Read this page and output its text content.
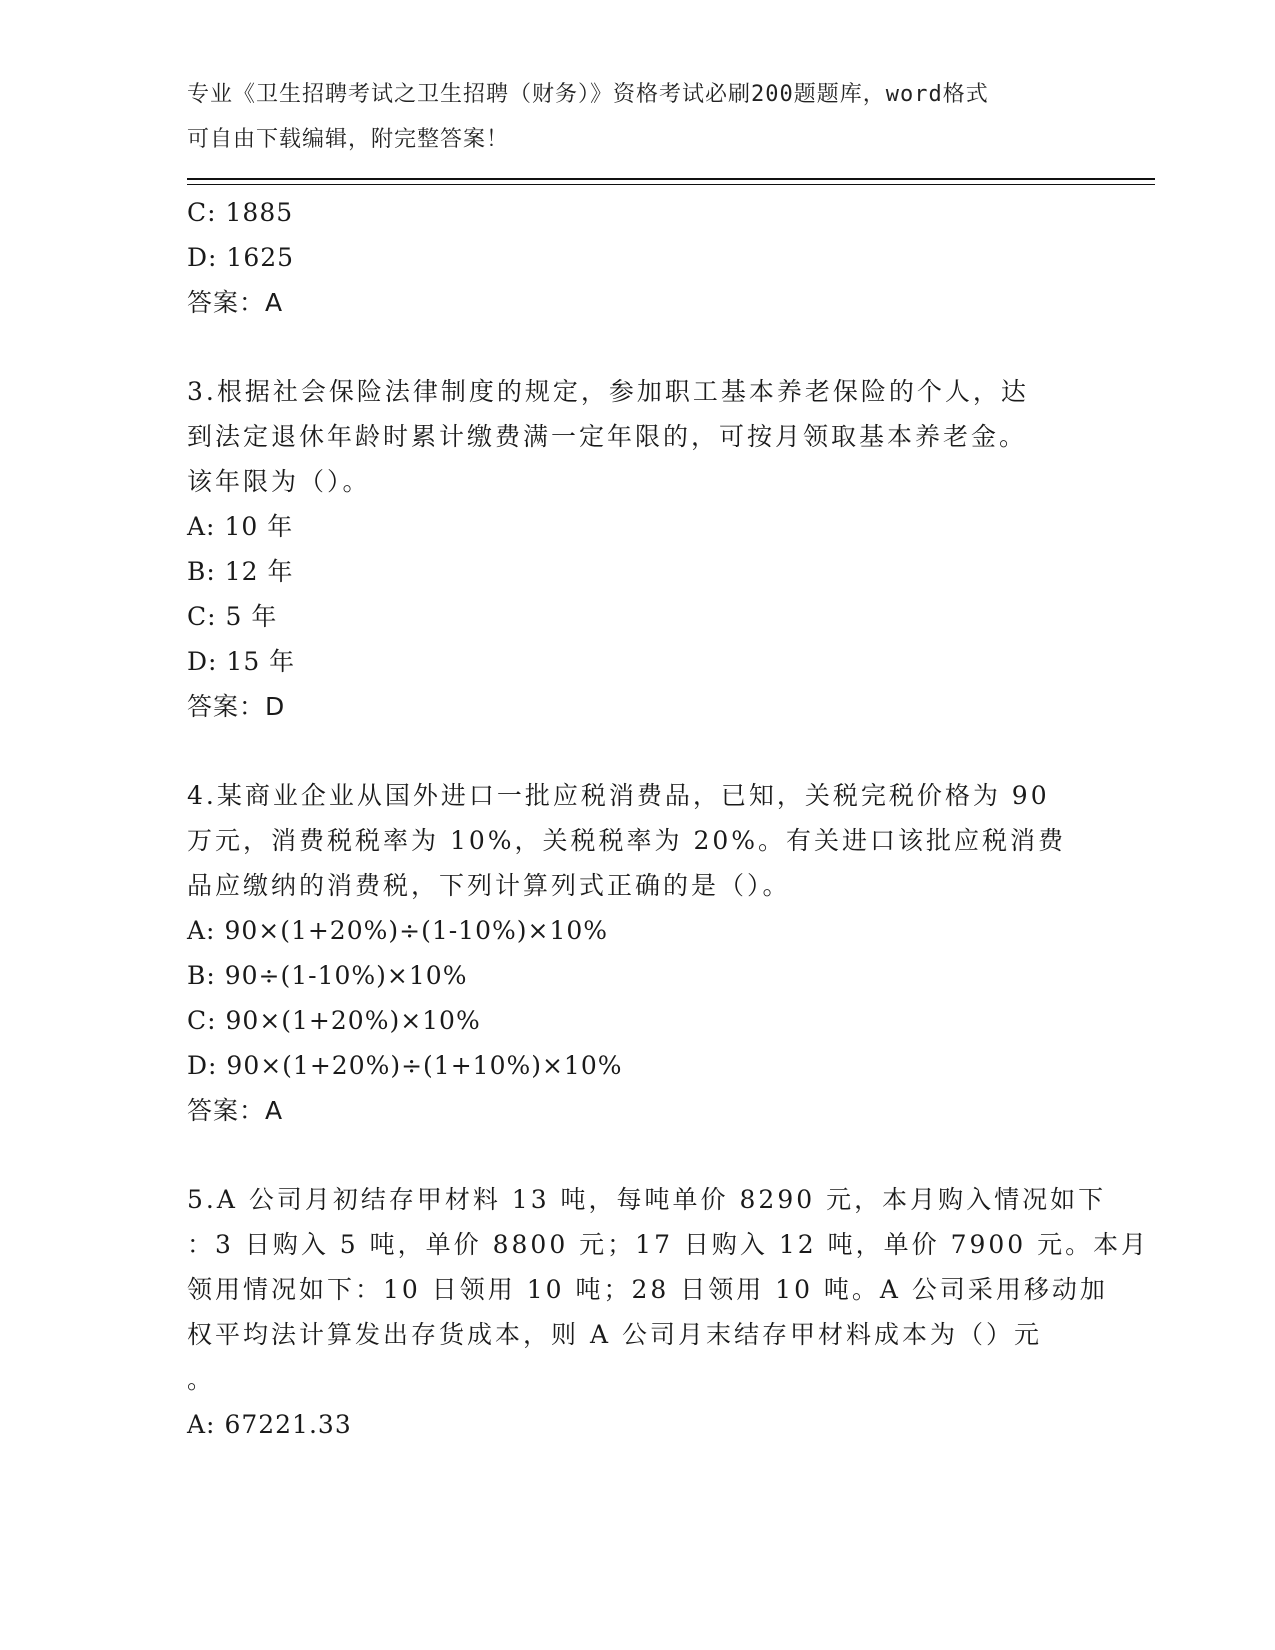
专业《卫生招聘考试之卫生招聘（财务）》资格考试必刷200题题库，word格式
可自由下载编辑，附完整答案！
C: 1885
D: 1625
答案：A
3.根据社会保险法律制度的规定，参加职工基本养老保险的个人，达
到法定退休年龄时累计缴费满一定年限的，可按月领取基本养老金。
该年限为（）。
A: 10 年
B: 12 年
C: 5 年
D: 15 年
答案：D
4.某商业企业从国外进口一批应税消费品，已知，关税完税价格为 90
万元，消费税税率为 10%，关税税率为 20%。有关进口该批应税消费
品应缴纳的消费税，下列计算列式正确的是（）。
A: 90×(1+20%)÷(1-10%)×10%
B: 90÷(1-10%)×10%
C: 90×(1+20%)×10%
D: 90×(1+20%)÷(1+10%)×10%
答案：A
5.A 公司月初结存甲材料 13 吨，每吨单价 8290 元，本月购入情况如下
：3 日购入 5 吨，单价 8800 元；17 日购入 12 吨，单价 7900 元。本月
领用情况如下：10 日领用 10 吨；28 日领用 10 吨。A 公司采用移动加
权平均法计算发出存货成本，则 A 公司月末结存甲材料成本为（）元
。
A: 67221.33
